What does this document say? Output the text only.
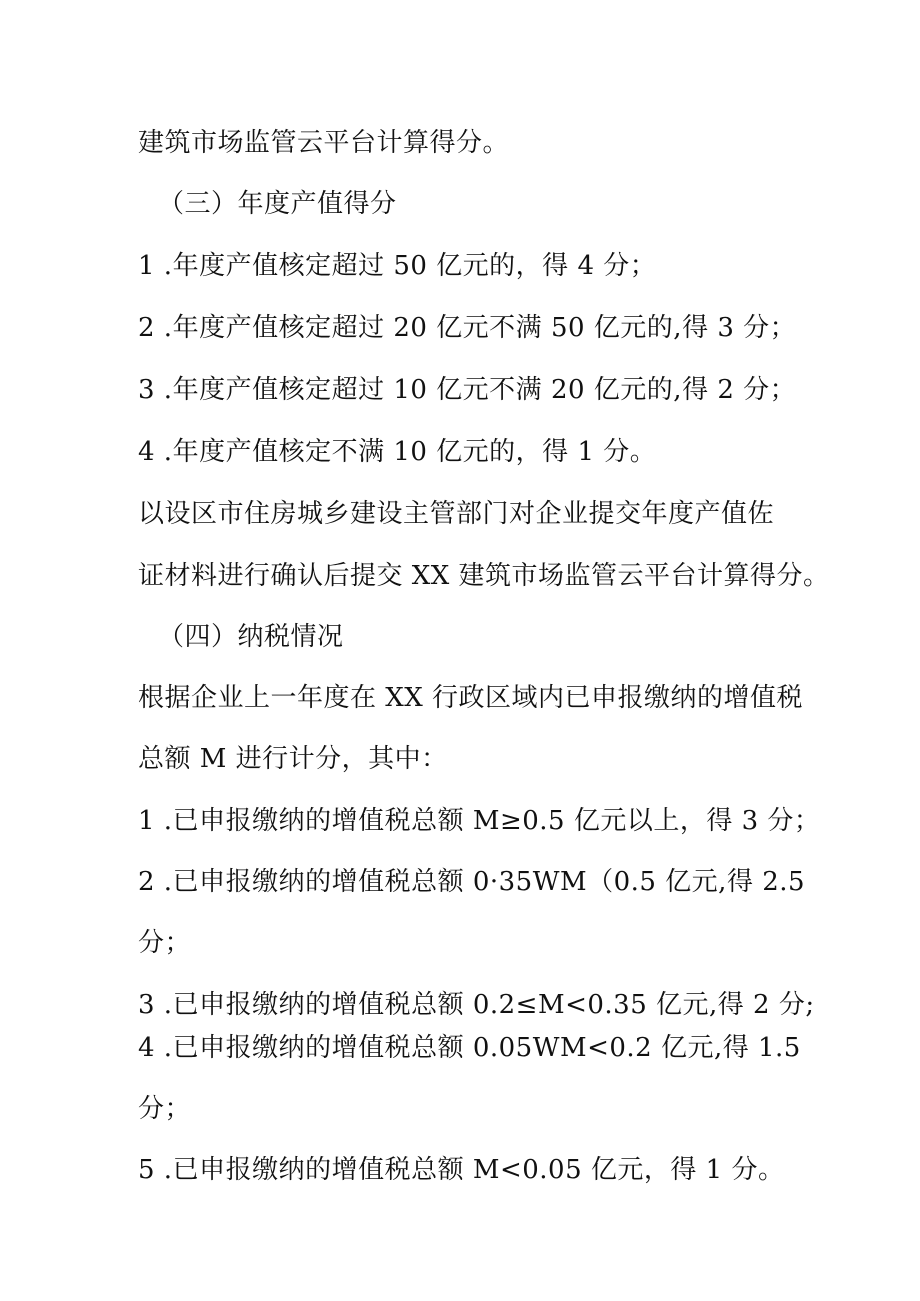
建筑市场监管云平台计算得分。
（三）年度产值得分
1 .年度产值核定超过 50 亿元的，得 4 分；
2 .年度产值核定超过 20 亿元不满 50 亿元的,得 3 分；
3 .年度产值核定超过 10 亿元不满 20 亿元的,得 2 分；
4 .年度产值核定不满 10 亿元的，得 1 分。
以设区市住房城乡建设主管部门对企业提交年度产值佐
证材料进行确认后提交 XX 建筑市场监管云平台计算得分。
（四）纳税情况
根据企业上一年度在 XX 行政区域内已申报缴纳的增值税
总额 M 进行计分，其中：
1 .已申报缴纳的增值税总额 M≥0.5 亿元以上，得 3 分；
2 .已申报缴纳的增值税总额 0·35WM（0.5 亿元,得 2.5
分；
3 .已申报缴纳的增值税总额 0.2≤M<0.35 亿元,得 2 分;
4 .已申报缴纳的增值税总额 0.05WM<0.2 亿元,得 1.5
分；
5 .已申报缴纳的增值税总额 M<0.05 亿元，得 1 分。
